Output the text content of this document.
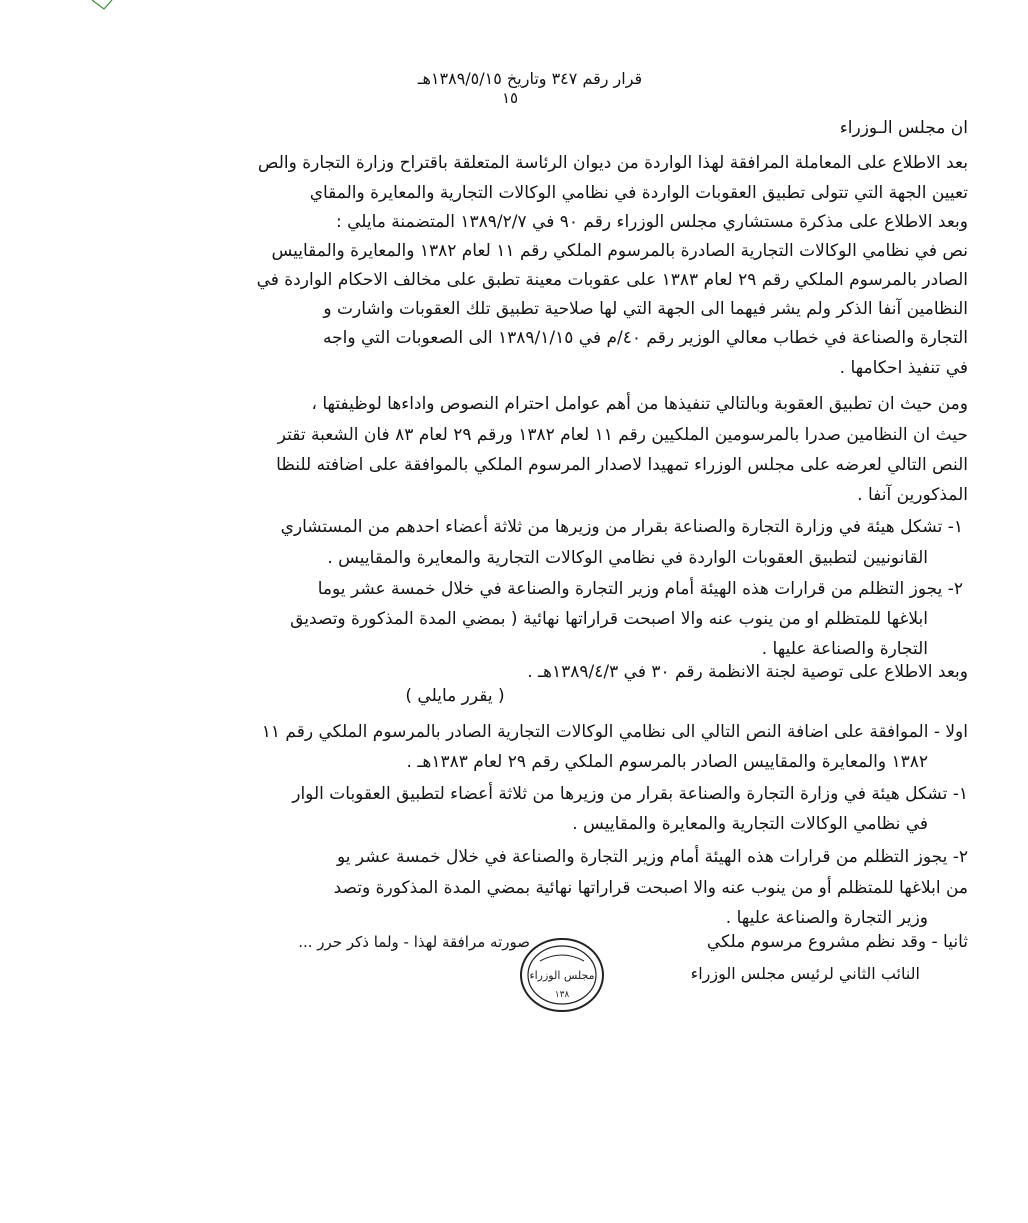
قرار رقم ٣٤٧ وتاريخ ١٣٨٩/٥/١٥هـ
١٥
ان مجلس الـوزراء
بعد الاطلاع على المعاملة المرافقة لهذا الواردة من ديوان الرئاسة المتعلقة باقتراح وزارة التجارة والص
تعيين الجهة التي تتولى تطبيق العقوبات الواردة في نظامي الوكالات التجارية والمعايرة والمقاي
وبعد الاطلاع على مذكرة مستشاري مجلس الوزراء رقم ٩٠ في ١٣٨٩/٢/٧ المتضمنة مايلي :
نص في نظامي الوكالات التجارية الصادرة بالمرسوم الملكي رقم ١١ لعام ١٣٨٢ والمعايرة والمقاييس
الصادر بالمرسوم الملكي رقم ٢٩ لعام ١٣٨٣ على عقوبات معينة تطبق على مخالف الاحكام الواردة في
النظامين آنفا الذكر ولم يشر فيهما الى الجهة التي لها صلاحية تطبيق تلك العقوبات واشارت و
التجارة والصناعة في خطاب معالي الوزير رقم ٤٠/م في ١٣٨٩/١/١٥ الى الصعوبات التي واجه
في تنفيذ احكامها .
ومن حيث ان تطبيق العقوبة وبالتالي تنفيذها من أهم عوامل احترام النصوص واداءها لوظيفتها ،
حيث ان النظامين صدرا بالمرسومين الملكيين رقم ١١ لعام ١٣٨٢ ورقم ٢٩ لعام ٨٣ فان الشعبة تقتر
النص التالي لعرضه على مجلس الوزراء تمهيدا لاصدار المرسوم الملكي بالموافقة على اضافته للنظا
المذكورين آنفا .
١- تشكل هيئة في وزارة التجارة والصناعة بقرار من وزيرها من ثلاثة أعضاء احدهم من المستشاري
القانونيين لتطبيق العقوبات الواردة في نظامي الوكالات التجارية والمعايرة والمقاييس .
٢- يجوز التظلم من قرارات هذه الهيئة أمام وزير التجارة والصناعة في خلال خمسة عشر يوما
ابلاغها للمتظلم او من ينوب عنه والا اصبحت قراراتها نهائية ( بمضي المدة المذكورة وتصديق
التجارة والصناعة عليها .
وبعد الاطلاع على توصية لجنة الانظمة رقم ٣٠ في ١٣٨٩/٤/٣هـ .
( يقرر مايلي )
اولا - الموافقة على اضافة النص التالي الى نظامي الوكالات التجارية الصادر بالمرسوم الملكي رقم ١١
١٣٨٢ والمعايرة والمقاييس الصادر بالمرسوم الملكي رقم ٢٩ لعام ١٣٨٣هـ .
١- تشكل هيئة في وزارة التجارة والصناعة بقرار من وزيرها من ثلاثة أعضاء لتطبيق العقوبات الوار
في نظامي الوكالات التجارية والمعايرة والمقاييس .
٢- يجوز التظلم من قرارات هذه الهيئة أمام وزير التجارة والصناعة في خلال خمسة عشر يو
من ابلاغها للمتظلم أو من ينوب عنه والا اصبحت قراراتها نهائية بمضي المدة المذكورة وتصد
وزير التجارة والصناعة عليها .
ثانيا - وقد نظم مشروع مرسوم ملكي
صورته مرافقة لهذا - ولما ذكر حرر ...
مجلس الوزراء
١٣٨
النائب الثاني لرئيس مجلس الوزراء
